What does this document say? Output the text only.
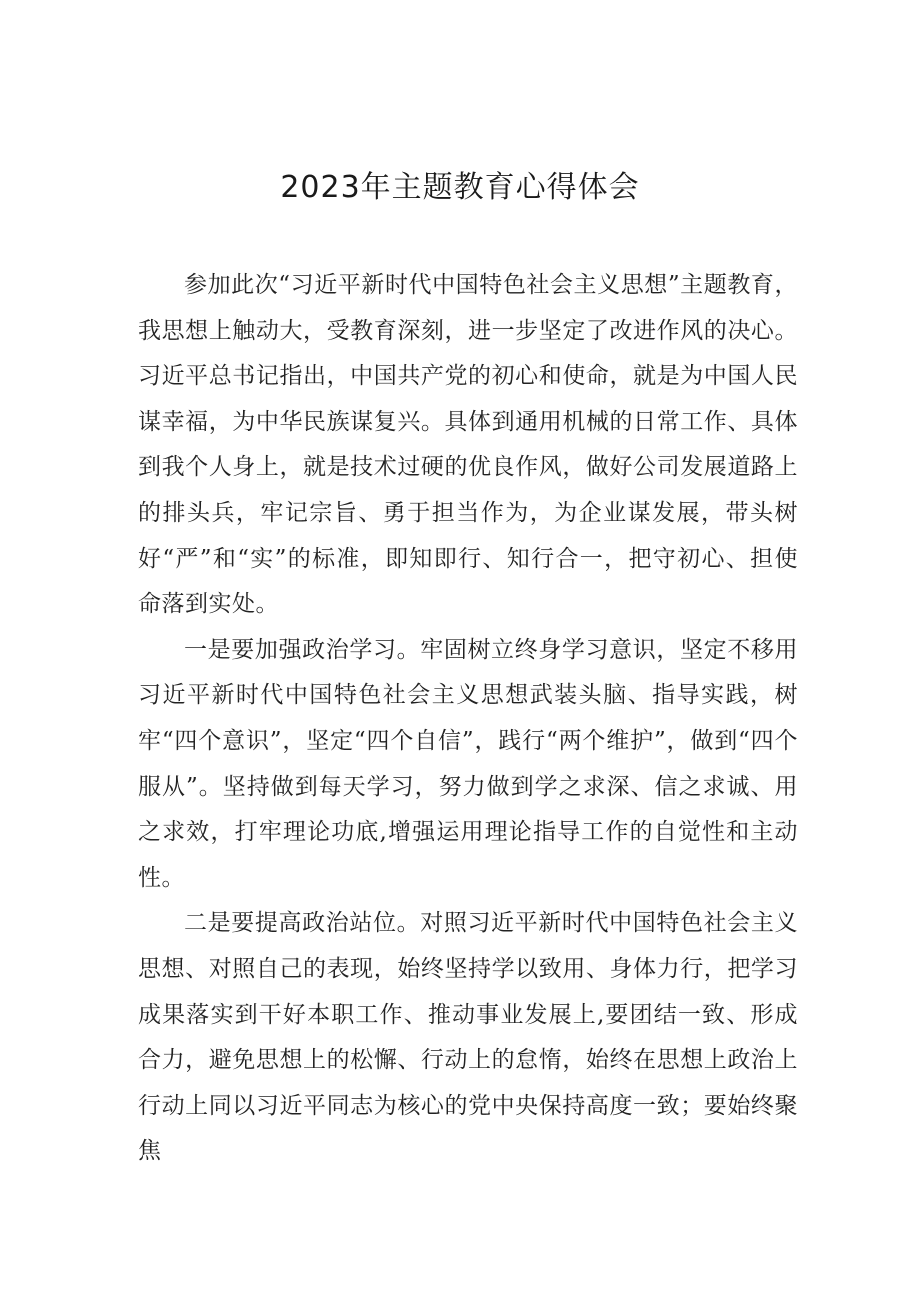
2023年主题教育心得体会

参加此次“习近平新时代中国特色社会主义思想”主题教育，我思想上触动大，受教育深刻，进一步坚定了改进作风的决心。习近平总书记指出，中国共产党的初心和使命，就是为中国人民谋幸福，为中华民族谋复兴。具体到通用机械的日常工作、具体到我个人身上，就是技术过硬的优良作风，做好公司发展道路上的排头兵，牢记宗旨、勇于担当作为，为企业谋发展，带头树好“严”和“实”的标准，即知即行、知行合一，把守初心、担使命落到实处。

一是要加强政治学习。牢固树立终身学习意识，坚定不移用习近平新时代中国特色社会主义思想武装头脑、指导实践，树牢“四个意识”，坚定“四个自信”，践行“两个维护”，做到“四个服从”。坚持做到每天学习，努力做到学之求深、信之求诚、用之求效，打牢理论功底,增强运用理论指导工作的自觉性和主动性。

二是要提高政治站位。对照习近平新时代中国特色社会主义思想、对照自己的表现，始终坚持学以致用、身体力行，把学习成果落实到干好本职工作、推动事业发展上,要团结一致、形成合力，避免思想上的松懈、行动上的怠惰，始终在思想上政治上行动上同以习近平同志为核心的党中央保持高度一致；要始终聚焦
